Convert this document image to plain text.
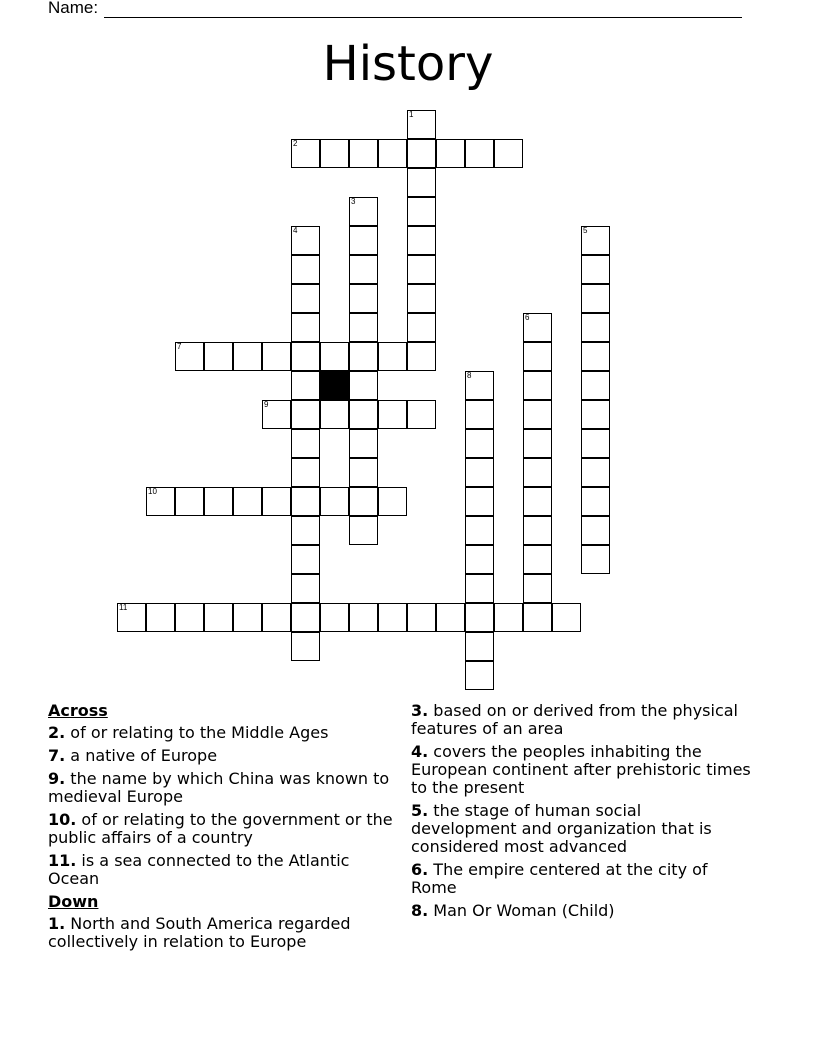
Name:
History
1
2
3
4	5
6
7
8
9
10
11
Across
2. of or relating to the Middle Ages
7. a native of Europe
9. the name by which China was known to medieval Europe
10. of or relating to the government or the public affairs of a country
11. is a sea connected to the Atlantic Ocean
Down
1. North and South America regarded collectively in relation to Europe
3. based on or derived from the physical features of an area
4. covers the peoples inhabiting the European continent after prehistoric times to the present
5. the stage of human social development and organization that is considered most advanced
6. The empire centered at the city of Rome
8. Man Or Woman (Child)
